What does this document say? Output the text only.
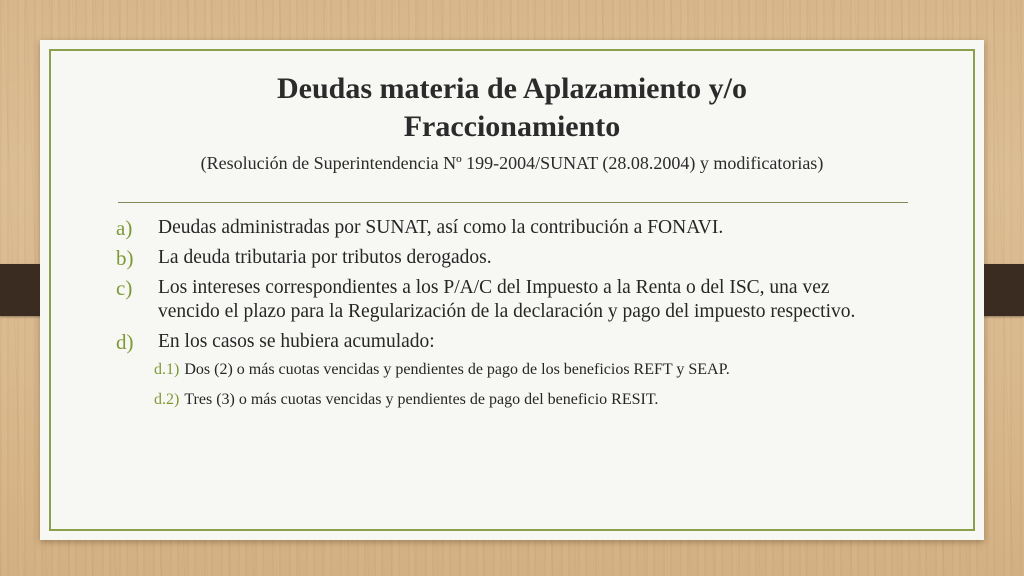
Deudas materia de Aplazamiento y/o
Fraccionamiento
(Resolución de Superintendencia Nº 199-2004/SUNAT (28.08.2004) y modificatorias)
a)	Deudas administradas por SUNAT, así como la contribución a FONAVI.
b)	La deuda tributaria por tributos derogados.
c)	Los intereses correspondientes a los P/A/C del Impuesto a la Renta o del ISC, una vez vencido el plazo para la Regularización de la declaración y pago del impuesto respectivo.
d)	En los casos se hubiera acumulado:
d.1) Dos (2) o más cuotas vencidas y pendientes de pago de los beneficios REFT y SEAP.
d.2) Tres (3) o más cuotas vencidas y pendientes de pago del beneficio RESIT.
